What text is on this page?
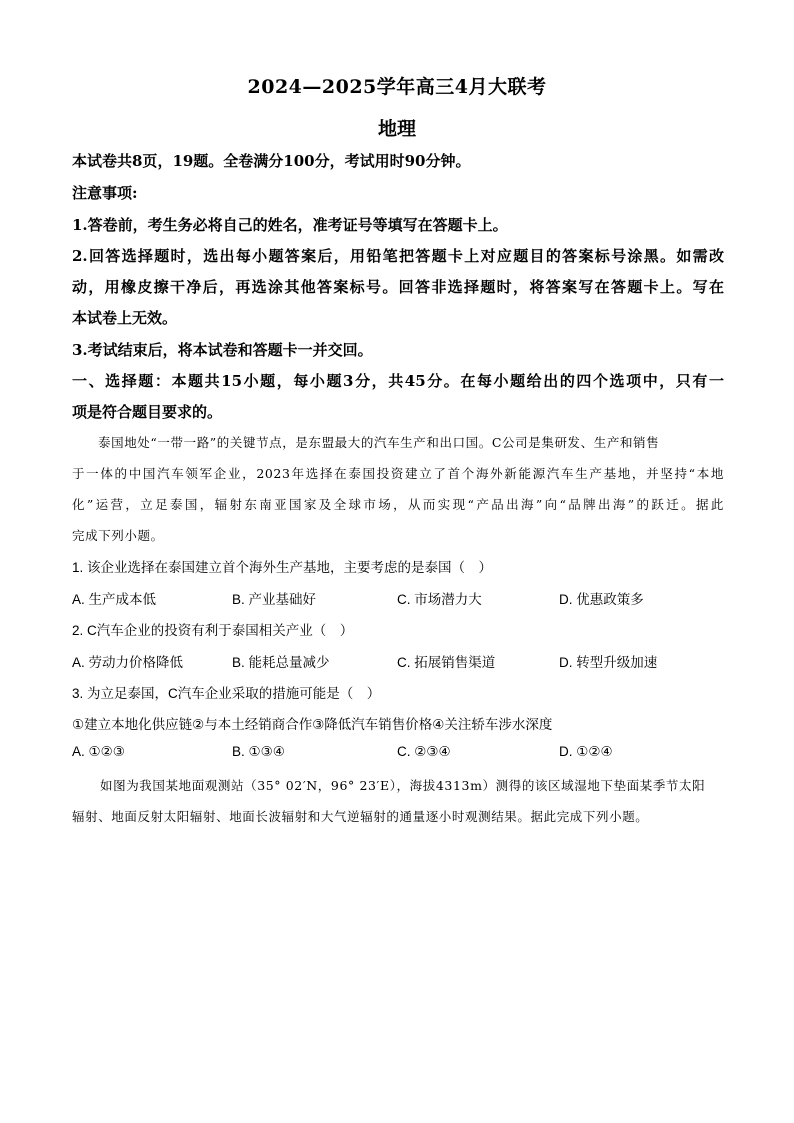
2024—2025学年高三4月大联考
地理
本试卷共8页，19题。全卷满分100分，考试用时90分钟。
注意事项:
1.答卷前，考生务必将自己的姓名，准考证号等填写在答题卡上。
2.回答选择题时，选出每小题答案后，用铅笔把答题卡上对应题目的答案标号涂黑。如需改
动，用橡皮擦干净后，再选涂其他答案标号。回答非选择题时，将答案写在答题卡上。写在
本试卷上无效。
3.考试结束后，将本试卷和答题卡一并交回。
一、选择题：本题共15小题，每小题3分，共45分。在每小题给出的四个选项中，只有一
项是符合题目要求的。
泰国地处“一带一路”的关键节点，是东盟最大的汽车生产和出口国。C公司是集研发、生产和销售
于一体的中国汽车领军企业，2023年选择在泰国投资建立了首个海外新能源汽车生产基地，并坚持“本地
化”运营，立足泰国，辐射东南亚国家及全球市场，从而实现“产品出海”向“品牌出海”的跃迁。据此
完成下列小题。
1. 该企业选择在泰国建立首个海外生产基地，主要考虑的是泰国（　）
A. 生产成本低	B. 产业基础好	C. 市场潜力大	D. 优惠政策多
2. C汽车企业的投资有利于泰国相关产业（　）
A. 劳动力价格降低	B. 能耗总量减少	C. 拓展销售渠道	D. 转型升级加速
3. 为立足泰国，C汽车企业采取的措施可能是（　）
①建立本地化供应链②与本土经销商合作③降低汽车销售价格④关注轿车涉水深度
A. ①②③	B. ①③④	C. ②③④	D. ①②④
如图为我国某地面观测站（35° 02′N，96° 23′E），海拔4313m）测得的该区域湿地下垫面某季节太阳
辐射、地面反射太阳辐射、地面长波辐射和大气逆辐射的通量逐小时观测结果。据此完成下列小题。
